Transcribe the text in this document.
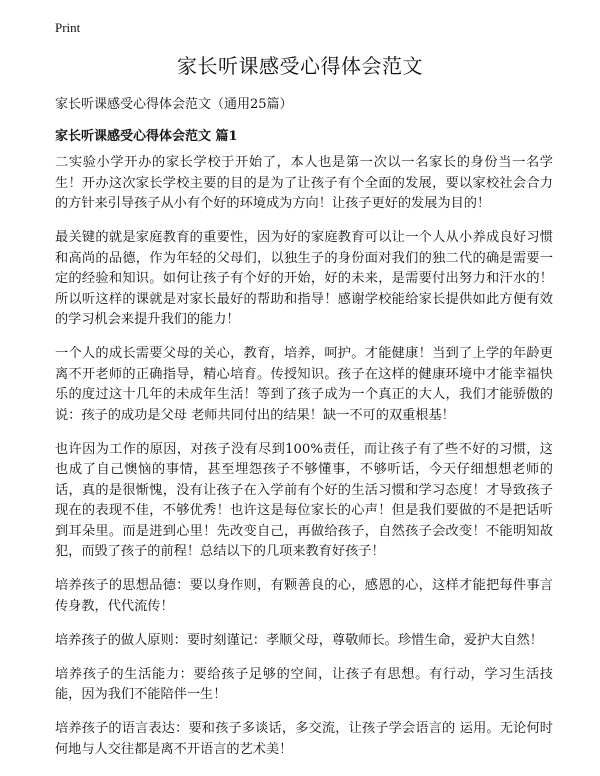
Print
家长听课感受心得体会范文

家长听课感受心得体会范文（通用25篇）

家长听课感受心得体会范文 篇1

二实验小学开办的家长学校于开始了，本人也是第一次以一名家长的身份当一名学生！开办这次家长学校主要的目的是为了让孩子有个全面的发展，要以家校社会合力的方针来引导孩子从小有个好的环境成为方向！让孩子更好的发展为目的！

最关键的就是家庭教育的重要性，因为好的家庭教育可以让一个人从小养成良好习惯和高尚的品德，作为年轻的父母们，以独生子的身份面对我们的独二代的确是需要一定的经验和知识。如何让孩子有个好的开始，好的未来，是需要付出努力和汗水的！所以听这样的课就是对家长最好的帮助和指导！感谢学校能给家长提供如此方便有效的学习机会来提升我们的能力！

一个人的成长需要父母的关心，教育，培养，呵护。才能健康！当到了上学的年龄更离不开老师的正确指导，精心培育。传授知识。孩子在这样的健康环境中才能幸福快乐的度过这十几年的未成年生活！等到了孩子成为一个真正的大人，我们才能骄傲的说：孩子的成功是父母 老师共同付出的结果！缺一不可的双重根基！

也许因为工作的原因，对孩子没有尽到100%责任，而让孩子有了些不好的习惯，这也成了自己懊恼的事情，甚至埋怨孩子不够懂事，不够听话，今天仔细想想老师的话，真的是很惭愧，没有让孩子在入学前有个好的生活习惯和学习态度！才导致孩子现在的表现不佳，不够优秀！也许这是每位家长的心声！但是我们要做的不是把话听到耳朵里。而是进到心里！先改变自己，再做给孩子，自然孩子会改变！不能明知故犯，而毁了孩子的前程！总结以下的几项来教育好孩子！

培养孩子的思想品德：要以身作则，有颗善良的心，感恩的心，这样才能把每件事言传身教，代代流传！

培养孩子的做人原则：要时刻谨记：孝顺父母，尊敬师长。珍惜生命，爱护大自然！

培养孩子的生活能力：要给孩子足够的空间，让孩子有思想。有行动，学习生活技能，因为我们不能陪伴一生！

培养孩子的语言表达：要和孩子多谈话，多交流，让孩子学会语言的 运用。无论何时何地与人交往都是离不开语言的艺术美！
